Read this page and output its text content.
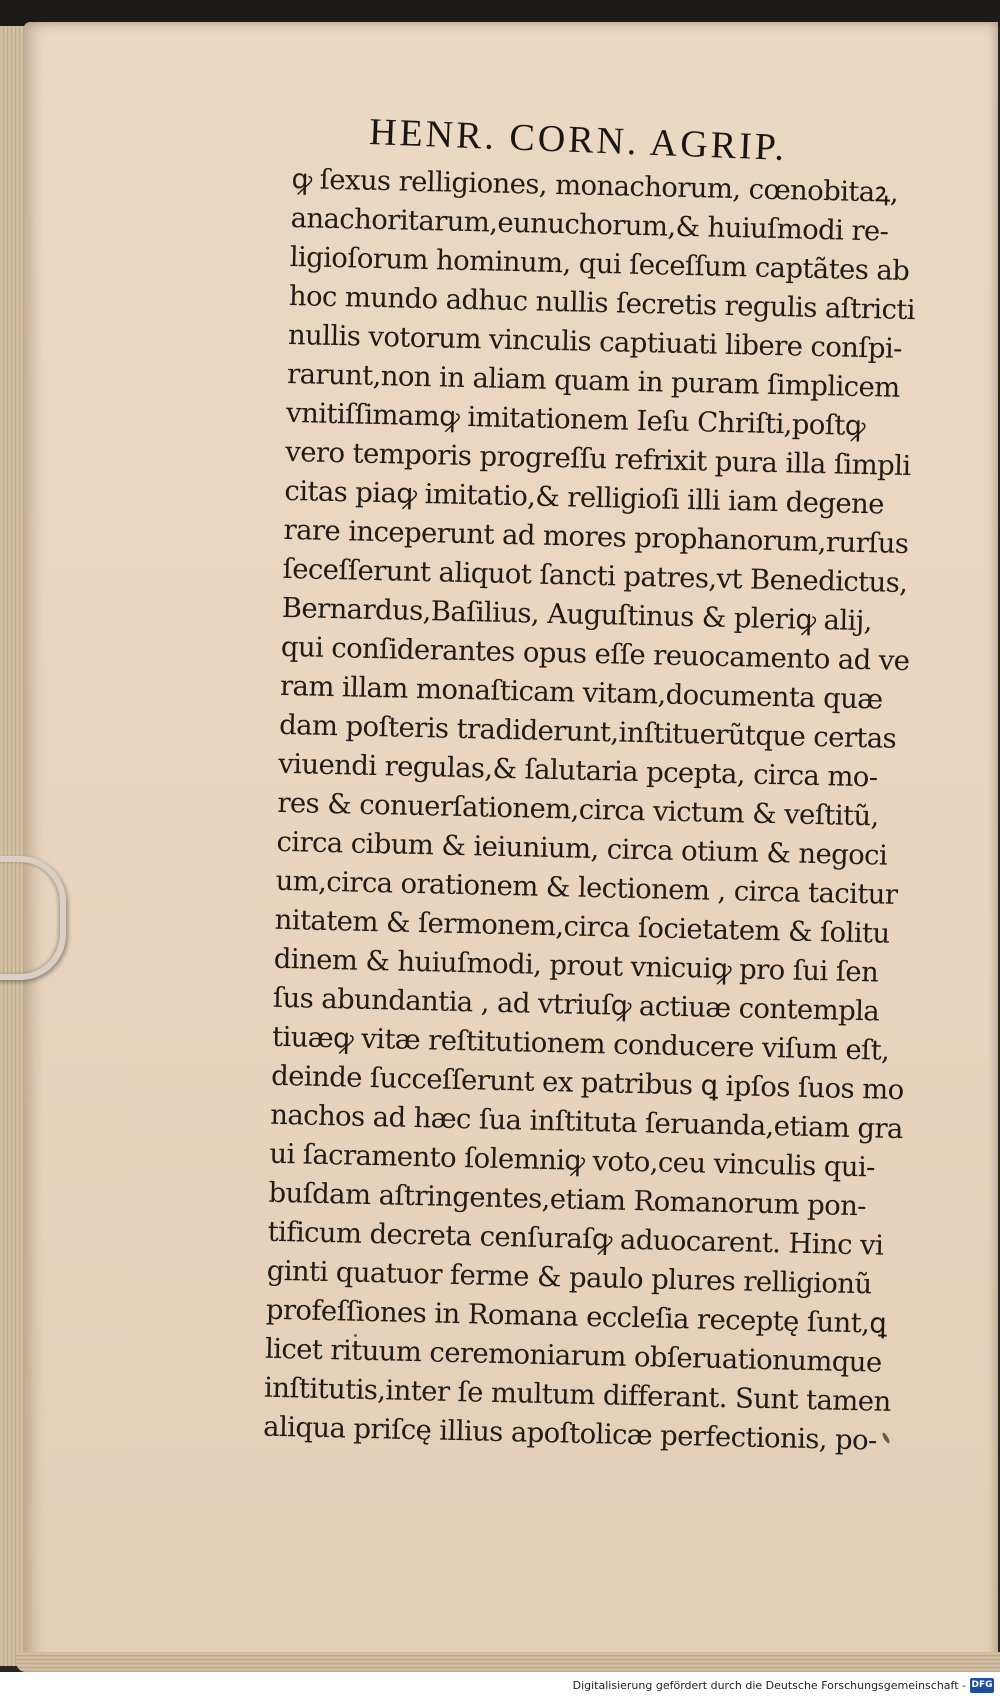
HENR. CORN. AGRIP.
ꝙ ſexus relligiones, monachorum, cœnobitaꝝ,
anachoritarum,eunuchorum,& huiuſmodi re-
ligioſorum hominum, qui ſeceſſum captãtes ab
hoc mundo adhuc nullis ſecretis regulis aſtricti
nullis votorum vinculis captiuati libere conſpi-
rarunt,non in aliam quam in puram ſimplicem
vnitiſſimamꝙ imitationem Ieſu Chriſti,poſtꝙ
vero temporis progreſſu refrixit pura illa ſimpli
citas piaꝙ imitatio,& relligioſi illi iam degene
rare inceperunt ad mores prophanorum,rurſus
ſeceſſerunt aliquot ſancti patres,vt Benedictus,
Bernardus,Baſilius, Auguſtinus & pleriꝙ alij,
qui conſiderantes opus eſſe reuocamento ad ve
ram illam monaſticam vitam,documenta quæ
dam poſteris tradiderunt,inſtituerũtque certas
viuendi regulas,& ſalutaria pcepta, circa mo-
res & conuerſationem,circa victum & veſtitũ,
circa cibum & ieiunium, circa otium & negoci
um,circa orationem & lectionem , circa tacitur
nitatem & ſermonem,circa ſocietatem & ſolitu
dinem & huiuſmodi, prout vnicuiꝙ pro ſui ſen
ſus abundantia , ad vtriuſꝙ actiuæ contempla
tiuæꝙ vitæ reſtitutionem conducere viſum eſt,
deinde ſucceſſerunt ex patribus ꝗ ipſos ſuos mo
nachos ad hæc ſua inſtituta ſeruanda,etiam gra
ui ſacramento ſolemniꝙ voto,ceu vinculis qui-
buſdam aſtringentes,etiam Romanorum pon-
tificum decreta cenſuraſꝙ aduocarent. Hinc vi
ginti quatuor ferme & paulo plures relligionũ
profeſſiones in Romana eccleſia receptę ſunt,ꝗ
licet rituum ceremoniarum obſeruationumque
inſtitutis,inter ſe multum differant. Sunt tamen
aliqua priſcę illius apoſtolicæ perfectionis, po-
Digitalisierung gefördert durch die Deutsche Forschungsgemeinschaft - DFG
